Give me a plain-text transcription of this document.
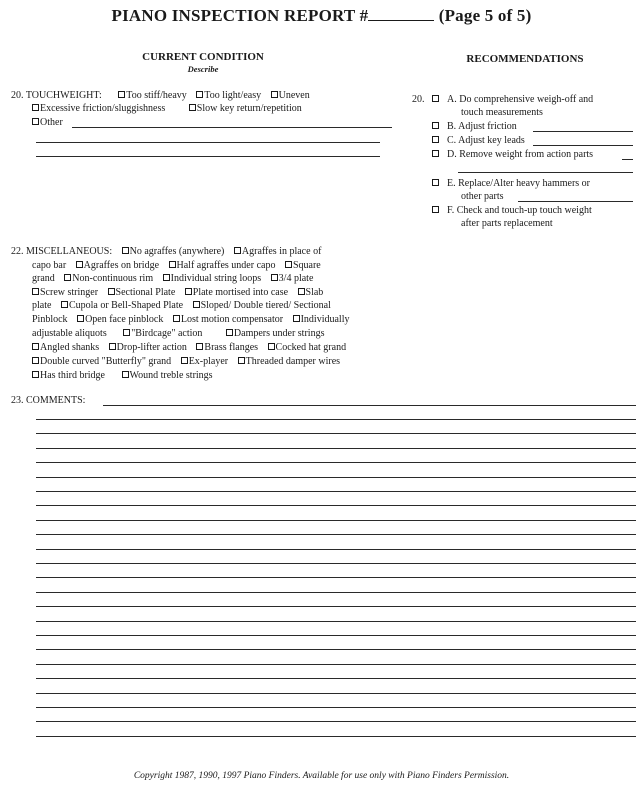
PIANO INSPECTION REPORT #	(Page 5 of 5)
CURRENT CONDITION
Describe
RECOMMENDATIONS
20. TOUCHWEIGHT: Too stiff/heavy Too light/easy Uneven
Excessive friction/sluggishness	Slow key return/repetition
Other
20. A. Do comprehensive weigh-off and
touch measurements
B. Adjust friction
C. Adjust key leads
D. Remove weight from action parts
E. Replace/Alter heavy hammers or
other parts
F. Check and touch-up touch weight
after parts replacement
22. MISCELLANEOUS: No agraffes (anywhere) Agraffes in place of
capo bar Agraffes on bridge Half agraffes under capo Square
grand Non-continuous rim Individual string loops 3/4 plate
Screw stringer Sectional Plate Plate mortised into case Slab
plate Cupola or Bell-Shaped Plate Sloped/ Double tiered/ Sectional
Pinblock Open face pinblock Lost motion compensator Individually
adjustable aliquots "Birdcage" action	Dampers under strings
Angled shanks Drop-lifter action Brass flanges Cocked hat grand
Double curved "Butterfly" grand Ex-player Threaded damper wires
Has third bridge Wound treble strings
23. COMMENTS:
Copyright 1987, 1990, 1997 Piano Finders. Available for use only with Piano Finders Permission.
